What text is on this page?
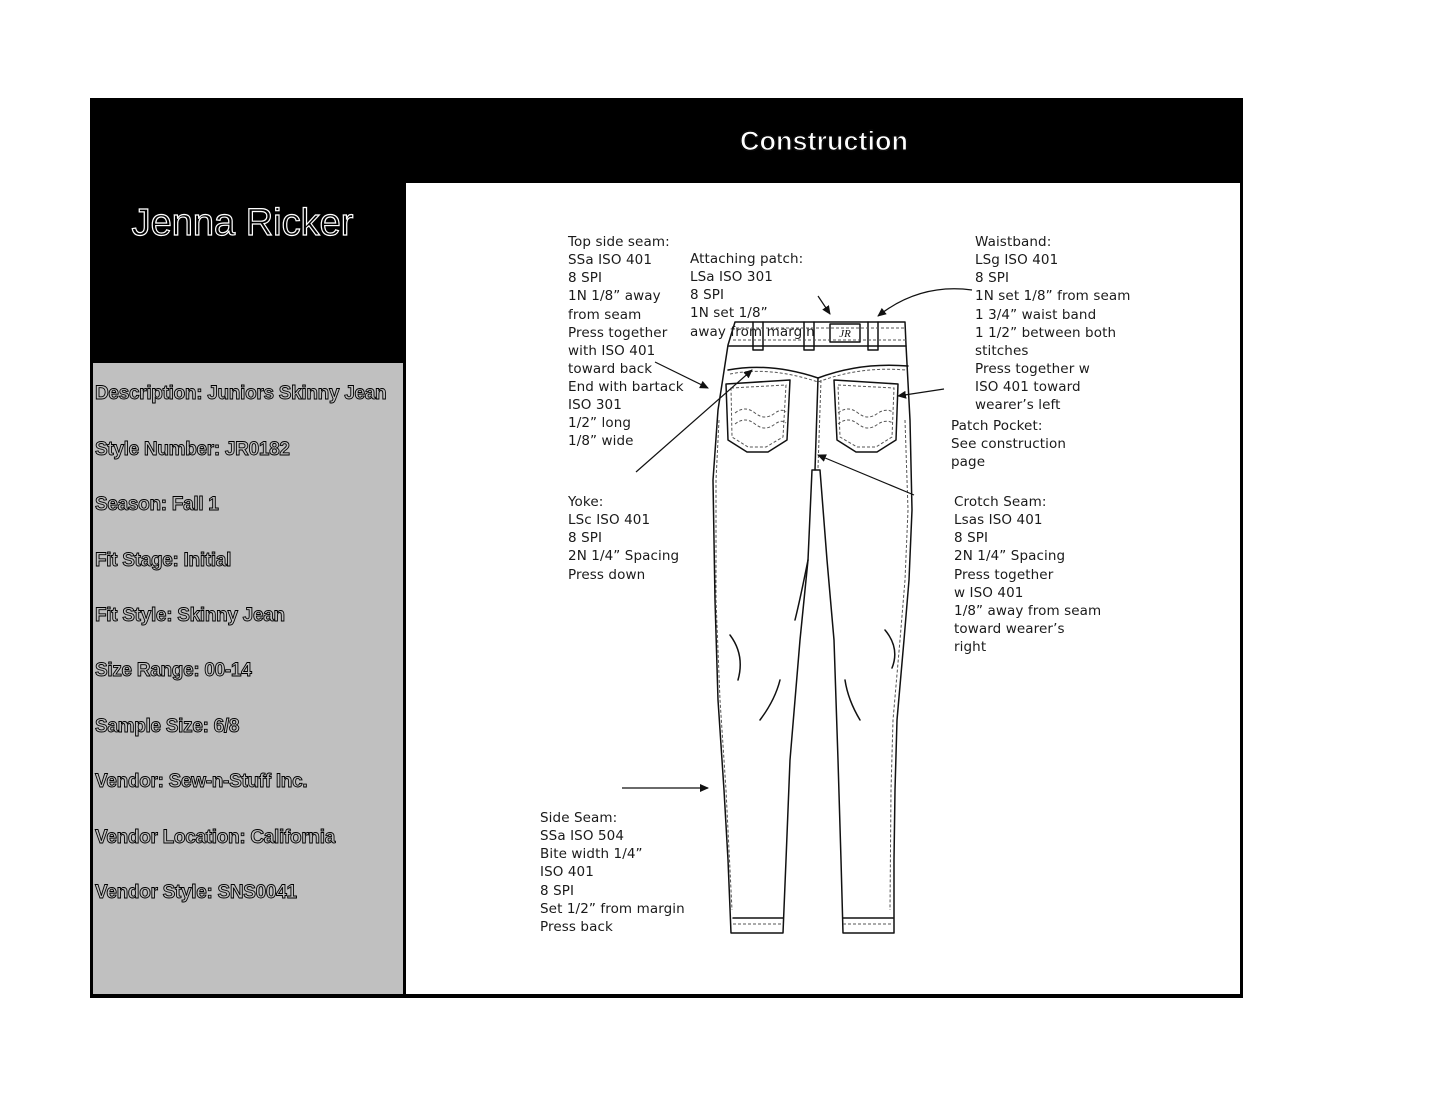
Construction
Jenna Ricker
Description: Juniors Skinny Jean
Style Number: JR0182
Season: Fall 1
Fit Stage: Initial
Fit Style: Skinny Jean
Size Range: 00-14
Sample Size: 6/8
Vendor: Sew-n-Stuff Inc.
Vendor Location: California
Vendor Style: SNS0041
JR

Top side seam:
SSa ISO 401
8 SPI
1N 1/8” away
from seam
Press together
with ISO 401
toward back
End with bartack
ISO 301
1/2” long
1/8” wide

Attaching patch:
LSa ISO 301
8 SPI
1N set 1/8”
away from margin

Waistband:
LSg ISO 401
8 SPI
1N set 1/8” from seam
1 3/4” waist band
1 1/2” between both
stitches
Press together w
ISO 401 toward
wearer’s left

Patch Pocket:
See construction
page

Yoke:
LSc ISO 401
8 SPI
2N 1/4” Spacing
Press down

Crotch Seam:
Lsas ISO 401
8 SPI
2N 1/4” Spacing
Press together
w ISO 401
1/8” away from seam
toward wearer’s
right

Side Seam:
SSa ISO 504
Bite width 1/4”
ISO 401
8 SPI
Set 1/2” from margin
Press back
